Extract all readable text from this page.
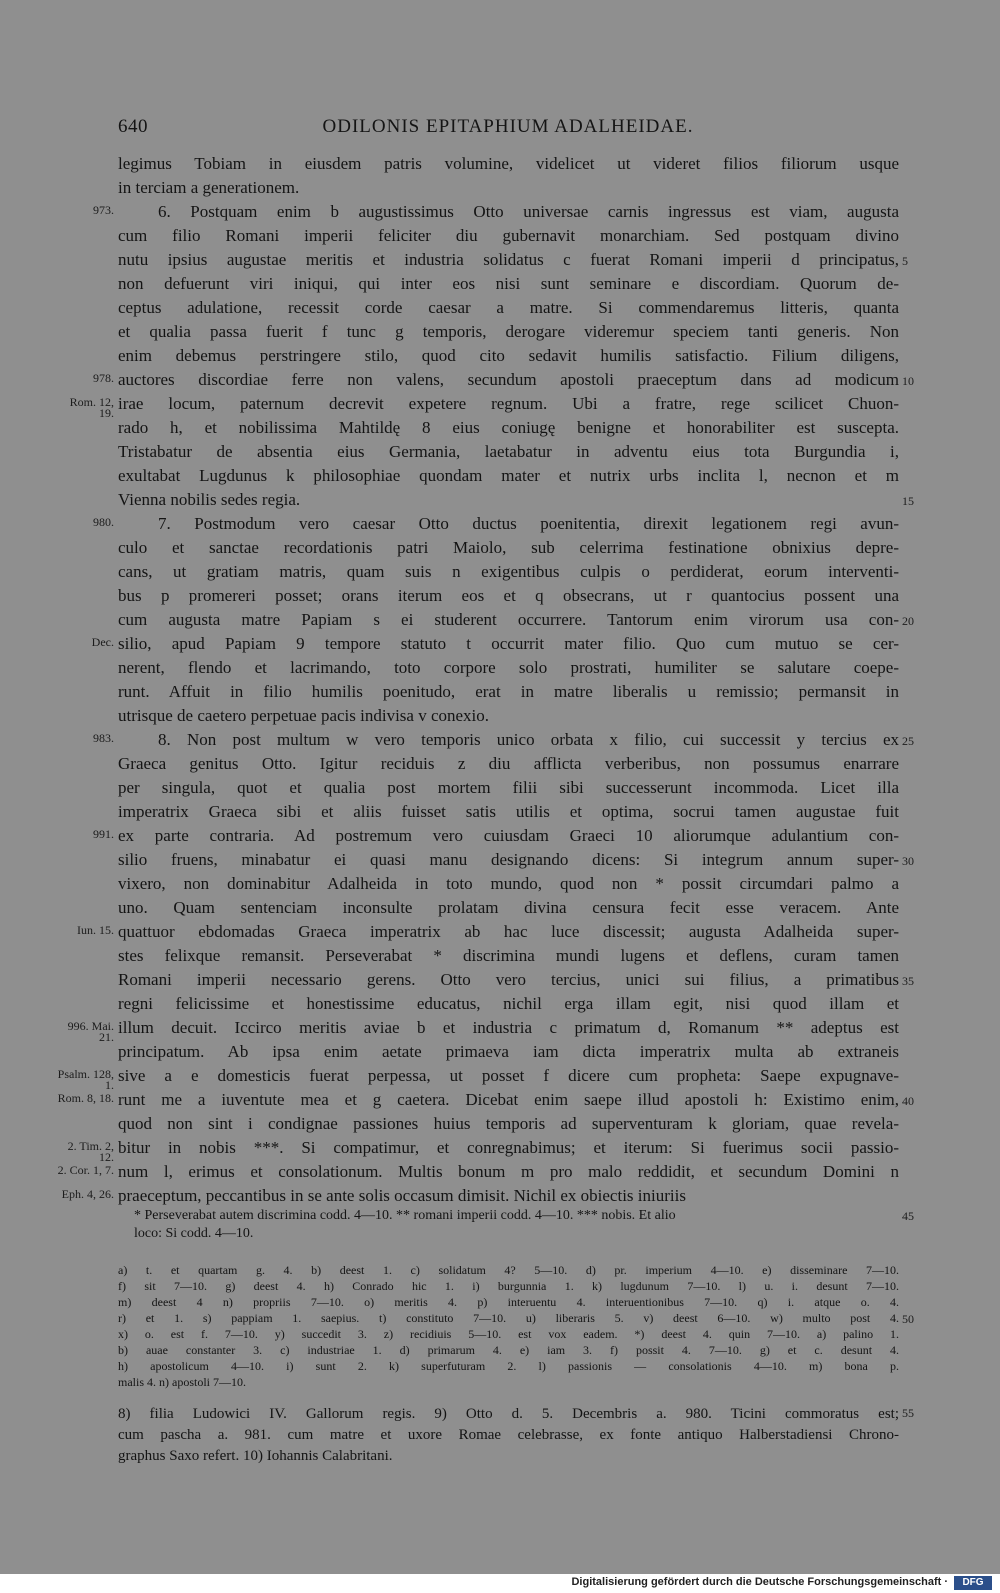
640	ODILONIS EPITAPHIUM ADALHEIDAE.
legimus Tobiam in eiusdem patris volumine, videlicet ut videret filios filiorum usque
in terciam a generationem.
6. Postquam enim b augustissimus Otto universae carnis ingressus est viam, augusta
973.
cum filio Romani imperii feliciter diu gubernavit monarchiam. Sed postquam divino
nutu ipsius augustae meritis et industria solidatus c fuerat Romani imperii d principatus, 5
non defuerunt viri iniqui, qui inter eos nisi sunt seminare e discordiam. Quorum de-
ceptus adulatione, recessit corde caesar a matre. Si commendaremus litteris, quanta
et qualia passa fuerit f tunc g temporis, derogare videremur speciem tanti generis. Non
enim debemus perstringere stilo, quod cito sedavit humilis satisfactio. Filium diligens,
auctores discordiae ferre non valens, secundum apostoli praeceptum dans ad modicum
978.	10
irae locum, paternum decrevit expetere regnum. Ubi a fratre, rege scilicet Chuon-
Rom. 12, 19.
rado h, et nobilissima Mahtildę 8 eius coniugę benigne et honorabiliter est suscepta.
Tristabatur de absentia eius Germania, laetabatur in adventu eius tota Burgundia i,
exultabat Lugdunus k philosophiae quondam mater et nutrix urbs inclita l, necnon et m
Vienna nobilis sedes regia.	15
7. Postmodum vero caesar Otto ductus poenitentia, direxit legationem regi avun-
980.
culo et sanctae recordationis patri Maiolo, sub celerrima festinatione obnixius depre-
cans, ut gratiam matris, quam suis n exigentibus culpis o perdiderat, eorum interventi-
bus p promereri posset; orans iterum eos et q obsecrans, ut r quantocius possent una
cum augusta matre Papiam s ei studerent occurrere. Tantorum enim virorum usa con- 20
silio, apud Papiam 9 tempore statuto t occurrit mater filio. Quo cum mutuo se cer-
Dec.
nerent, flendo et lacrimando, toto corpore solo prostrati, humiliter se salutare coepe-
runt. Affuit in filio humilis poenitudo, erat in matre liberalis u remissio; permansit in
utrisque de caetero perpetuae pacis indivisa v conexio.
8. Non post multum w vero temporis unico orbata x filio, cui successit y tercius ex
983.	25
Graeca genitus Otto. Igitur reciduis z diu afflicta verberibus, non possumus enarrare
per singula, quot et qualia post mortem filii sibi successerunt incommoda. Licet illa
imperatrix Graeca sibi et aliis fuisset satis utilis et optima, socrui tamen augustae fuit
ex parte contraria. Ad postremum vero cuiusdam Graeci 10 aliorumque adulantium con-
991.
silio fruens, minabatur ei quasi manu designando dicens: Si integrum annum super- 30
vixero, non dominabitur Adalheida in toto mundo, quod non * possit circumdari palmo a
uno. Quam sentenciam inconsulte prolatam divina censura fecit esse veracem. Ante
quattuor ebdomadas Graeca imperatrix ab hac luce discessit; augusta Adalheida super-
Iun. 15.
stes felixque remansit. Perseverabat * discrimina mundi lugens et deflens, curam tamen
Romani imperii necessario gerens. Otto vero tercius, unici sui filius, a primatibus 35
regni felicissime et honestissime educatus, nichil erga illam egit, nisi quod illam et
illum decuit. Iccirco meritis aviae b et industria c primatum d, Romanum ** adeptus est
996. Mai. 21.
principatum. Ab ipsa enim aetate primaeva iam dicta imperatrix multa ab extraneis
sive a e domesticis fuerat perpessa, ut posset f dicere cum propheta: Saepe expugnave-
Psalm. 128, 1.
runt me a iuventute mea et g caetera. Dicebat enim saepe illud apostoli h: Existimo enim,
Rom. 8, 18.	40
quod non sint i condignae passiones huius temporis ad superventuram k gloriam, quae revela-
bitur in nobis ***. Si compatimur, et conregnabimus; et iterum: Si fuerimus socii passio-
2. Tim. 2, 12.
num l, erimus et consolationum. Multis bonum m pro malo reddidit, et secundum Domini n
2. Cor. 1, 7.
praeceptum, peccantibus in se ante solis occasum dimisit. Nichil ex obiectis iniuriis
Eph. 4, 26.
* Perseverabat autem discrimina codd. 4—10. ** romani imperii codd. 4—10. *** nobis. Et alio	45
loco: Si codd. 4—10.
a) t. et quartam g. 4. b) deest 1. c) solidatum 4? 5—10. d) pr. imperium 4—10. e) disseminare 7—10.
f) sit 7—10. g) deest 4. h) Conrado hic 1. i) burgunnia 1. k) lugdunum 7—10. l) u. i. desunt 7—10.
m) deest 4 n) propriis 7—10. o) meritis 4. p) interuentu 4. interuentionibus 7—10. q) i. atque o. 4.
r) et 1. s) pappiam 1. saepius. t) constituto 7—10. u) liberaris 5. v) deest 6—10. w) multo post 4. 50
x) o. est f. 7—10. y) succedit 3. z) recidiuis 5—10. est vox eadem. *) deest 4. quin 7—10. a) palino 1.
b) auae constanter 3. c) industriae 1. d) primarum 4. e) iam 3. f) possit 4. 7—10. g) et c. desunt 4.
h) apostolicum 4—10. i) sunt 2. k) superfuturam 2. l) passionis — consolationis 4—10. m) bona p.
malis 4. n) apostoli 7—10.
8) filia Ludowici IV. Gallorum regis. 9) Otto d. 5. Decembris a. 980. Ticini commoratus est; 55
cum pascha a. 981. cum matre et uxore Romae celebrasse, ex fonte antiquo Halberstadiensi Chrono-
graphus Saxo refert. 10) Iohannis Calabritani.
Digitalisierung gefördert durch die Deutsche Forschungsgemeinschaft ·	DFG
